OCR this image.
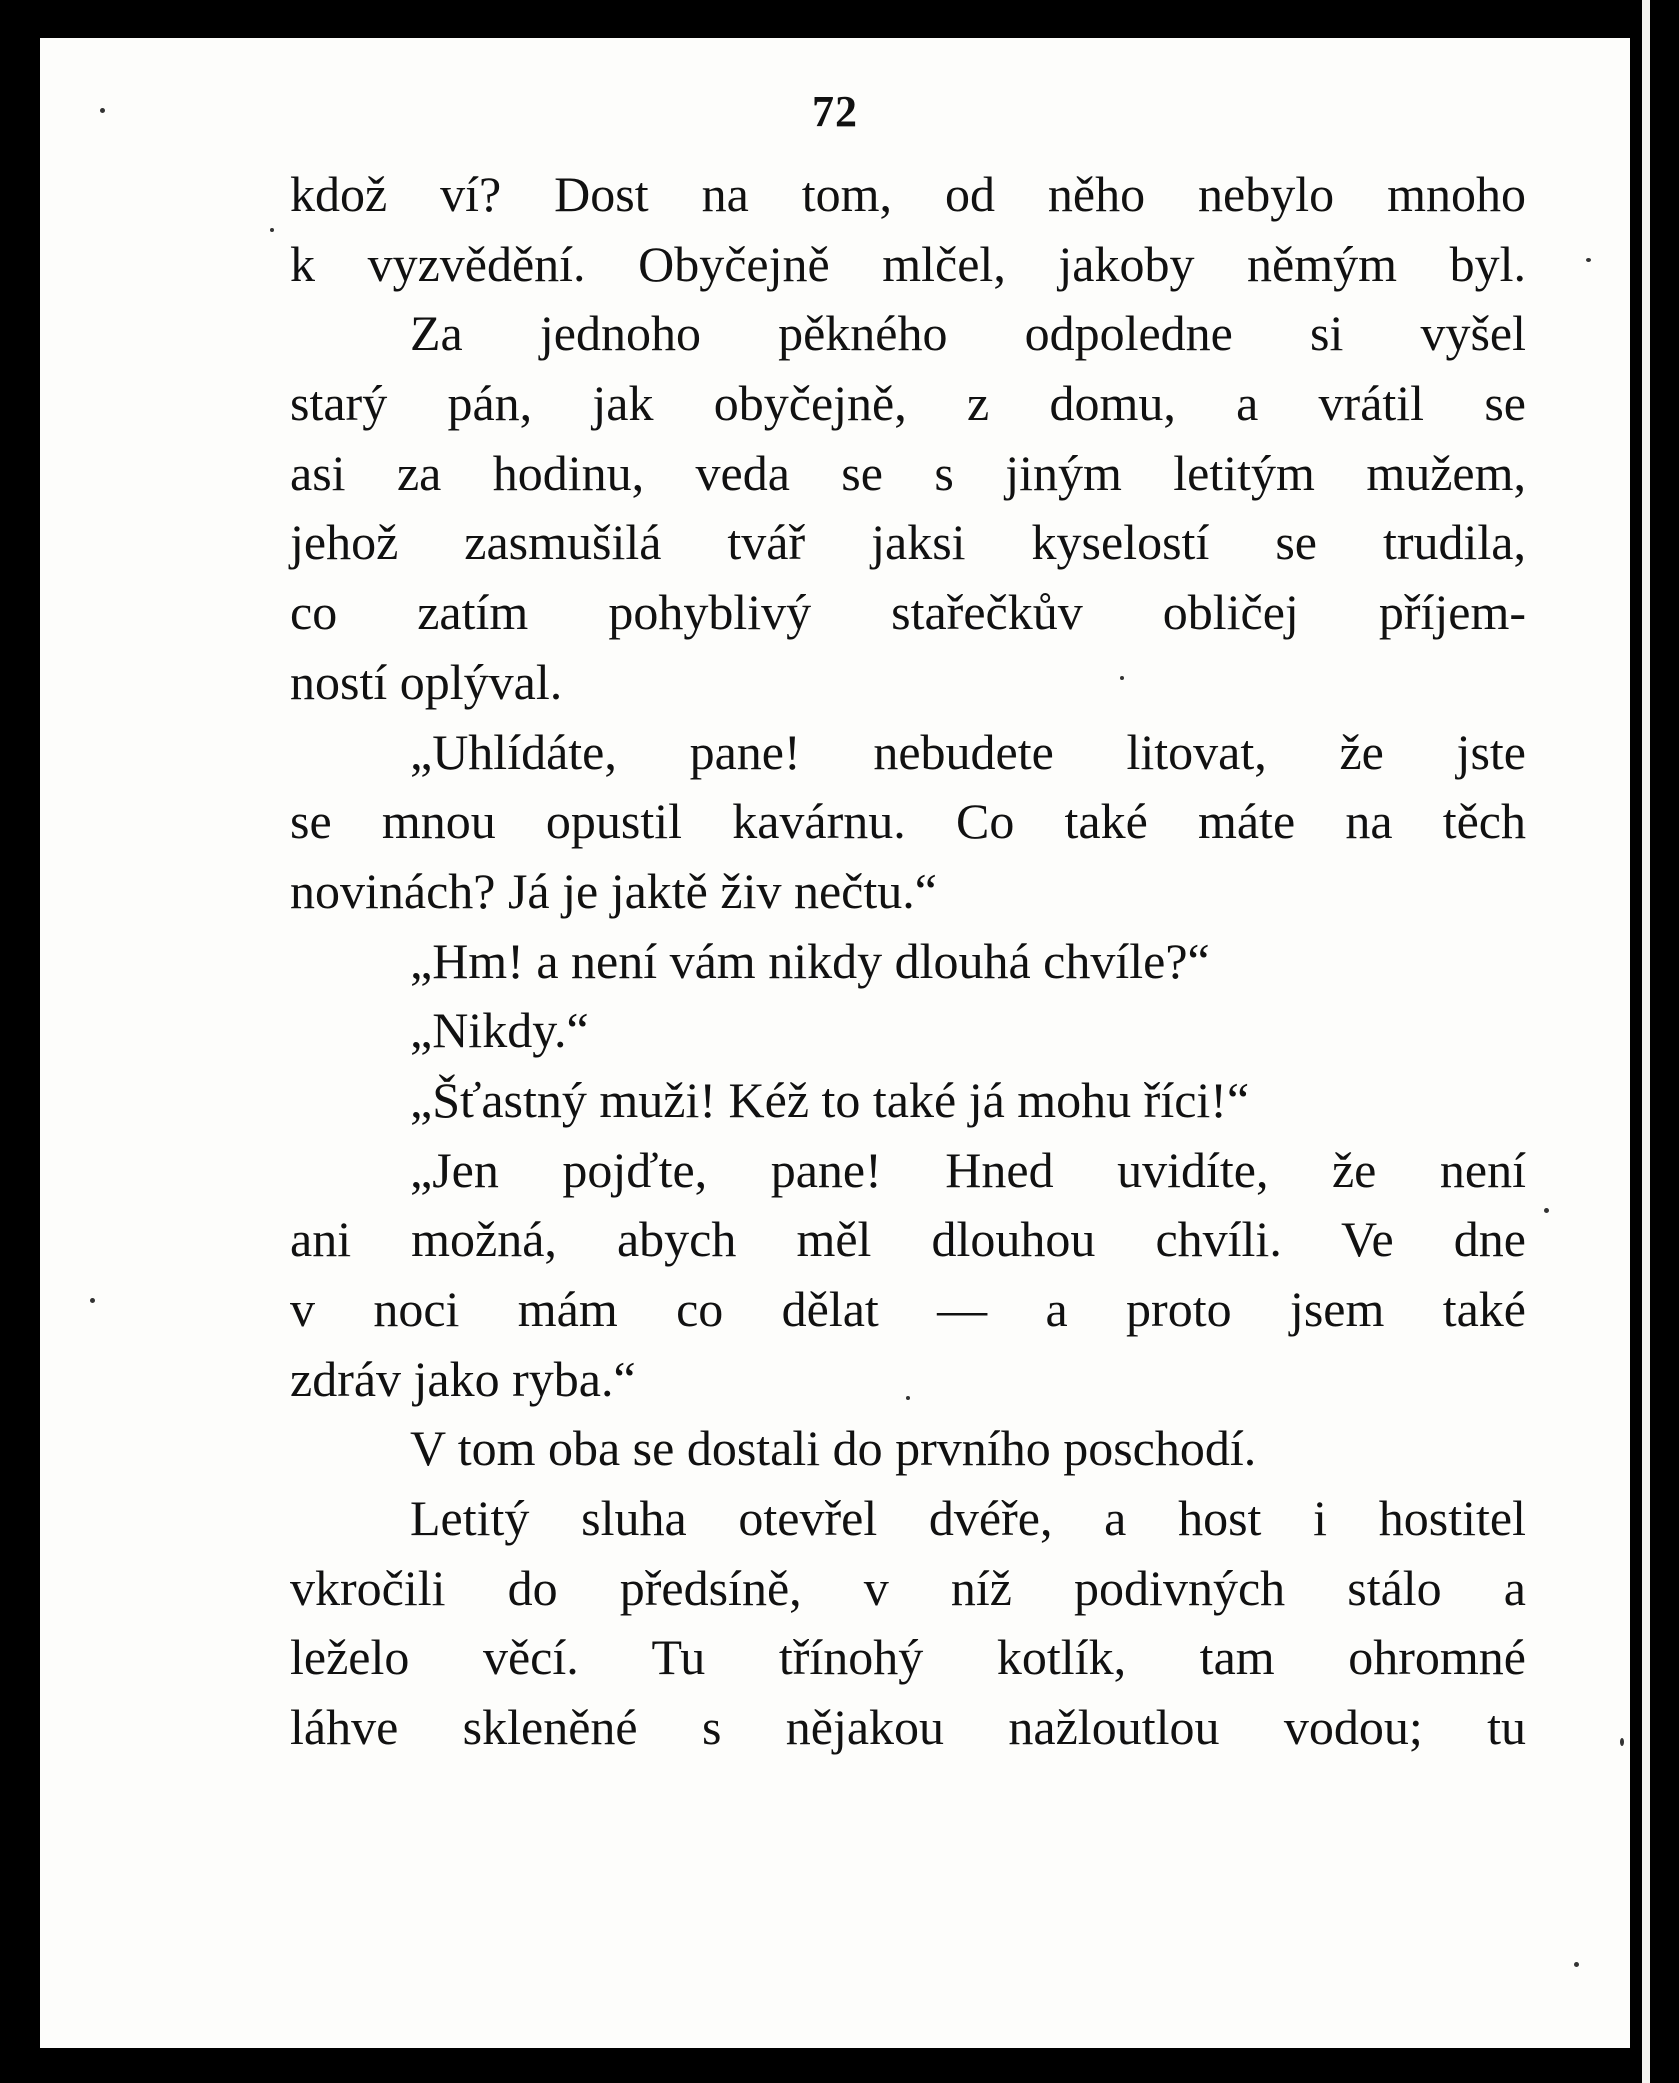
72
kdož ví? Dost na tom, od něho nebylo mnoho
k vyzvědění. Obyčejně mlčel, jakoby němým byl.
Za jednoho pěkného odpoledne si vyšel
starý pán, jak obyčejně, z domu, a vrátil se
asi za hodinu, veda se s jiným letitým mužem,
jehož zasmušilá tvář jaksi kyselostí se trudila,
co zatím pohyblivý stařečkův obličej příjem-
ností oplýval.
„Uhlídáte, pane! nebudete litovat, že jste
se mnou opustil kavárnu. Co také máte na těch
novinách? Já je jaktě živ nečtu.“
„Hm! a není vám nikdy dlouhá chvíle?“
„Nikdy.“
„Šťastný muži! Kéž to také já mohu říci!“
„Jen pojďte, pane! Hned uvidíte, že není
ani možná, abych měl dlouhou chvíli. Ve dne
v noci mám co dělat — a proto jsem také
zdráv jako ryba.“
V tom oba se dostali do prvního poschodí.
Letitý sluha otevřel dvéře, a host i hostitel
vkročili do předsíně, v níž podivných stálo a
leželo věcí. Tu třínohý kotlík, tam ohromné
láhve skleněné s nějakou nažloutlou vodou; tu
